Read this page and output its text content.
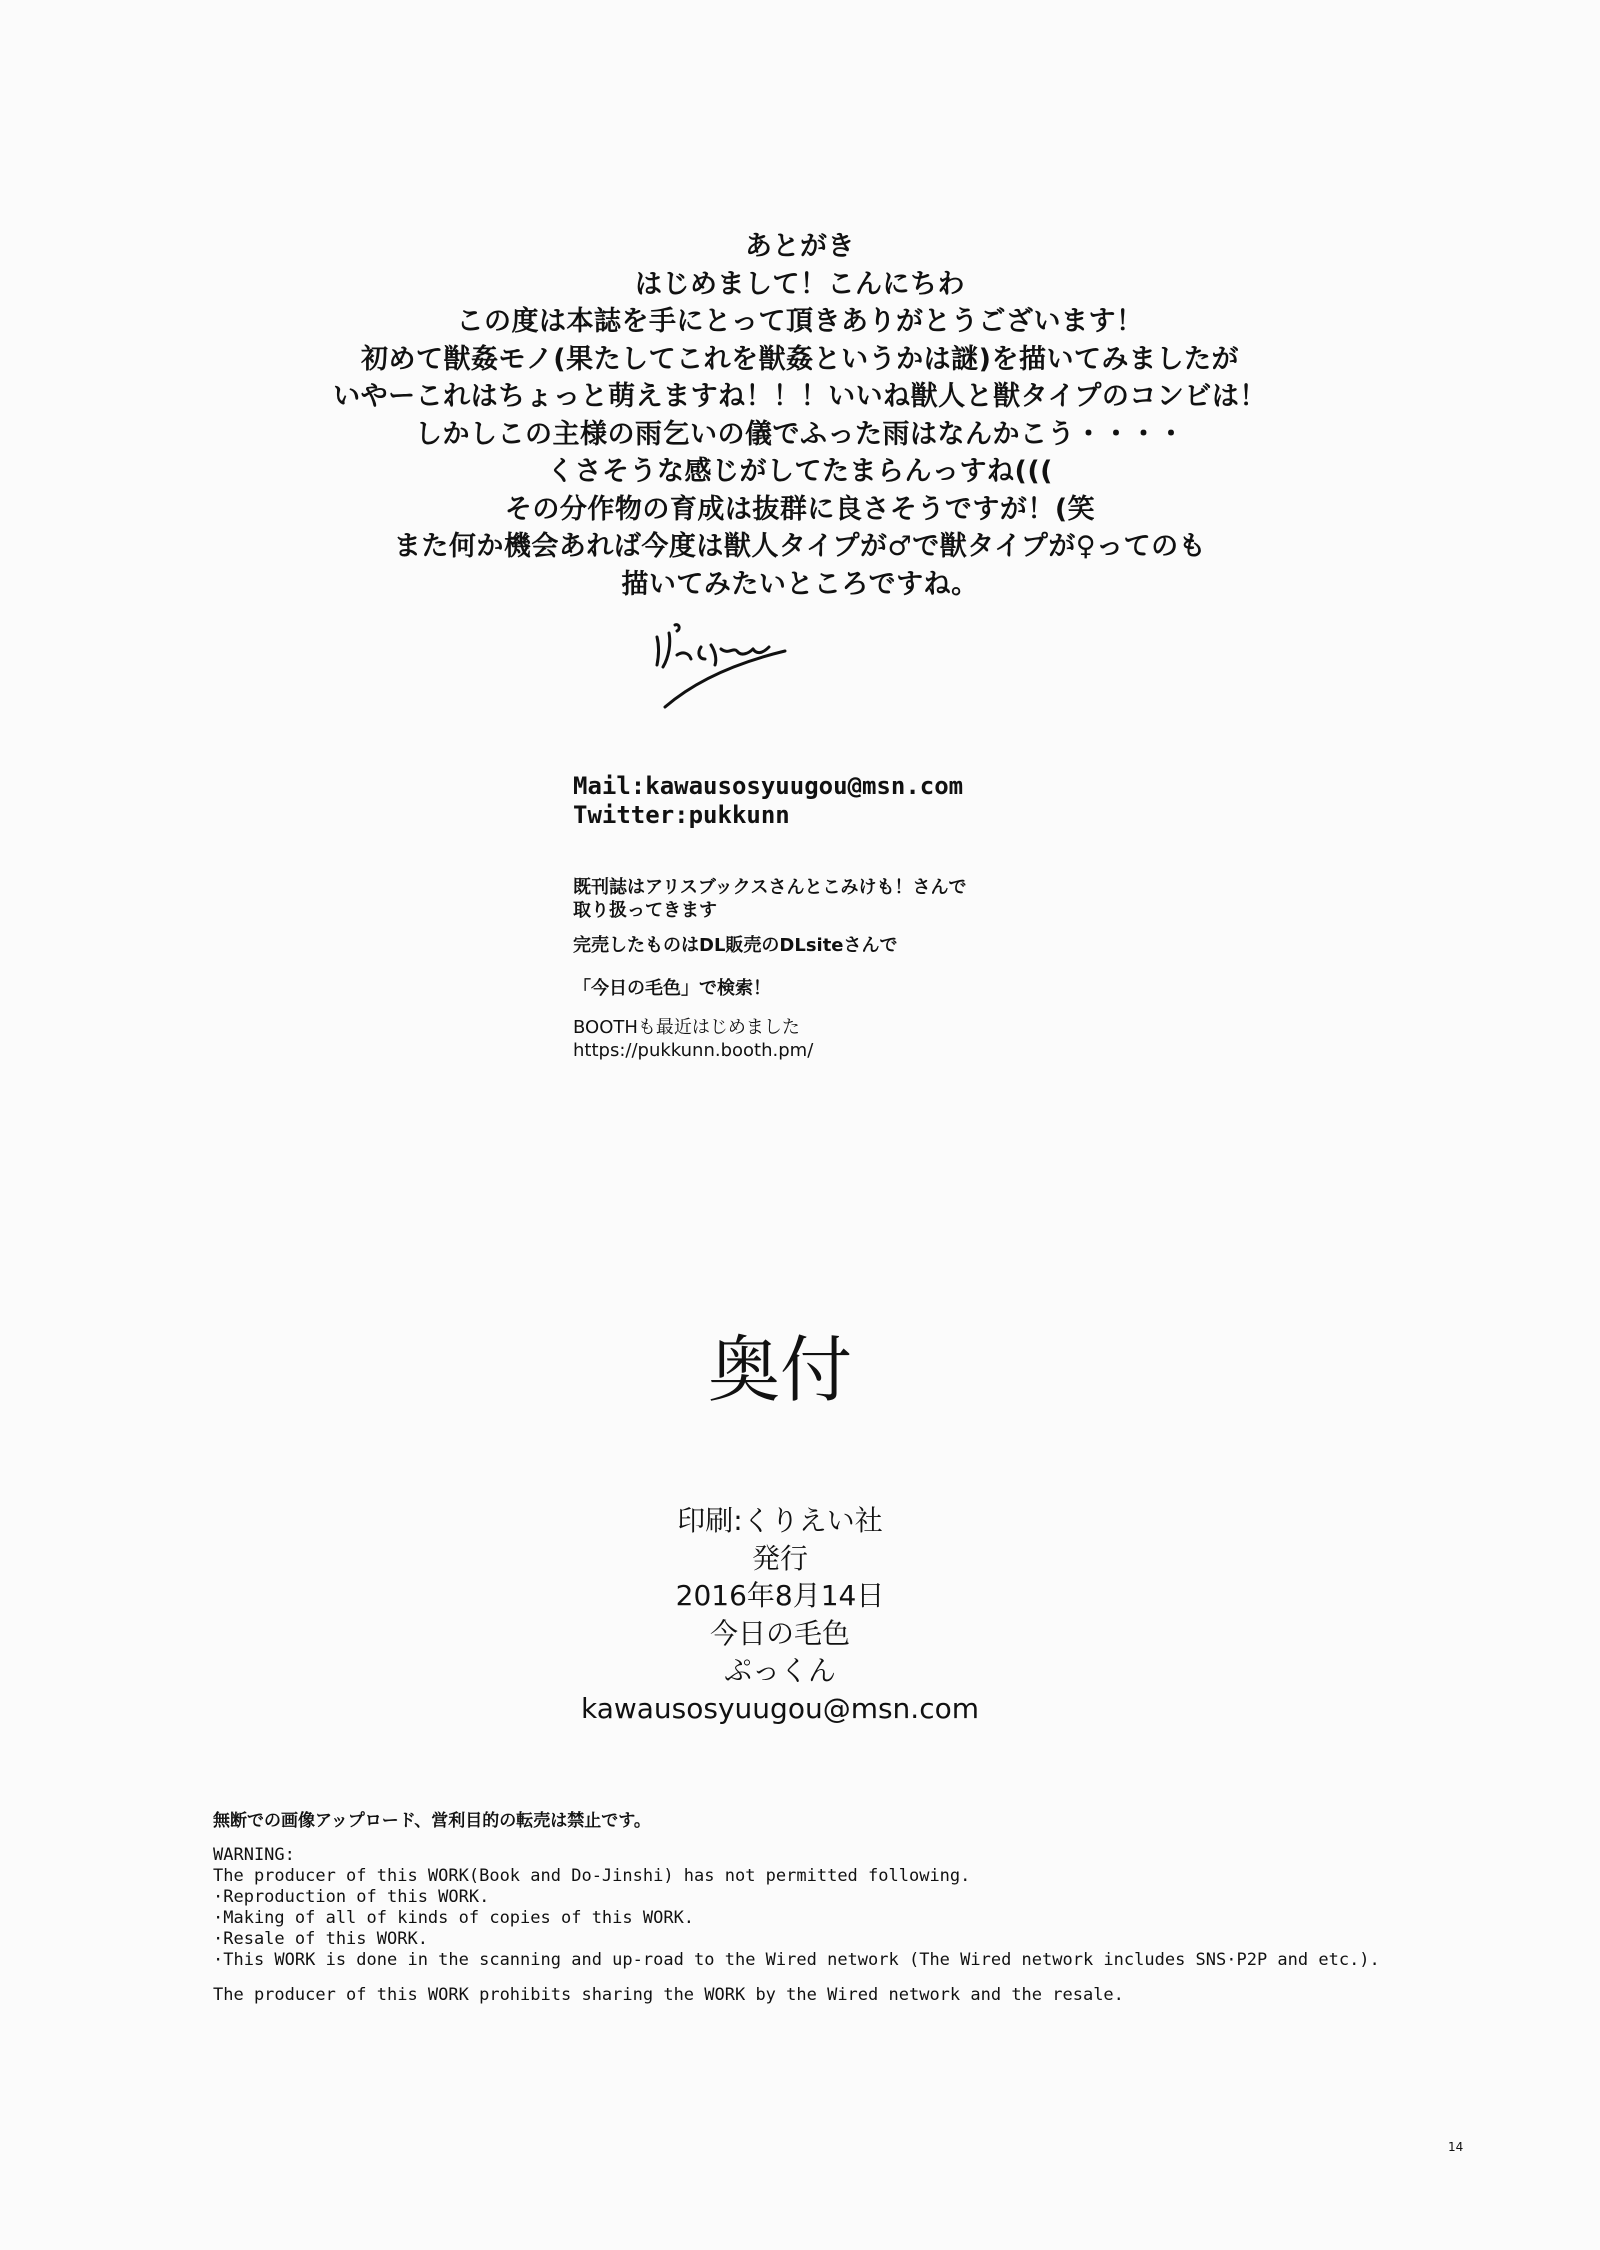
あとがき
はじめまして！こんにちわ
この度は本誌を手にとって頂きありがとうございます！
初めて獣姦モノ(果たしてこれを獣姦というかは謎)を描いてみましたが
いやーこれはちょっと萌えますね！！！いいね獣人と獣タイプのコンビは！
しかしこの主様の雨乞いの儀でふった雨はなんかこう・・・・
くさそうな感じがしてたまらんっすね(((
その分作物の育成は抜群に良さそうですが！(笑
また何か機会あれば今度は獣人タイプが♂で獣タイプが♀ってのも
描いてみたいところですね。
Mail:kawausosyuugou@msn.com
Twitter:pukkunn
既刊誌はアリスブックスさんとこみけも！さんで
取り扱ってきます
完売したものはDL販売のDLsiteさんで
「今日の毛色」で検索！
BOOTHも最近はじめました
https://pukkunn.booth.pm/
奥付
印刷:くりえい社
発行
2016年8月14日
今日の毛色
ぷっくん
kawausosyuugou@msn.com
無断での画像アップロード、営利目的の転売は禁止です。
WARNING:
The producer of this WORK(Book and Do-Jinshi) has not permitted following.
·Reproduction of this WORK.
·Making of all of kinds of copies of this WORK.
·Resale of this WORK.
·This WORK is done in the scanning and up-road to the Wired network (The Wired network includes SNS·P2P and etc.).
The producer of this WORK prohibits sharing the WORK by the Wired network and the resale.
14
